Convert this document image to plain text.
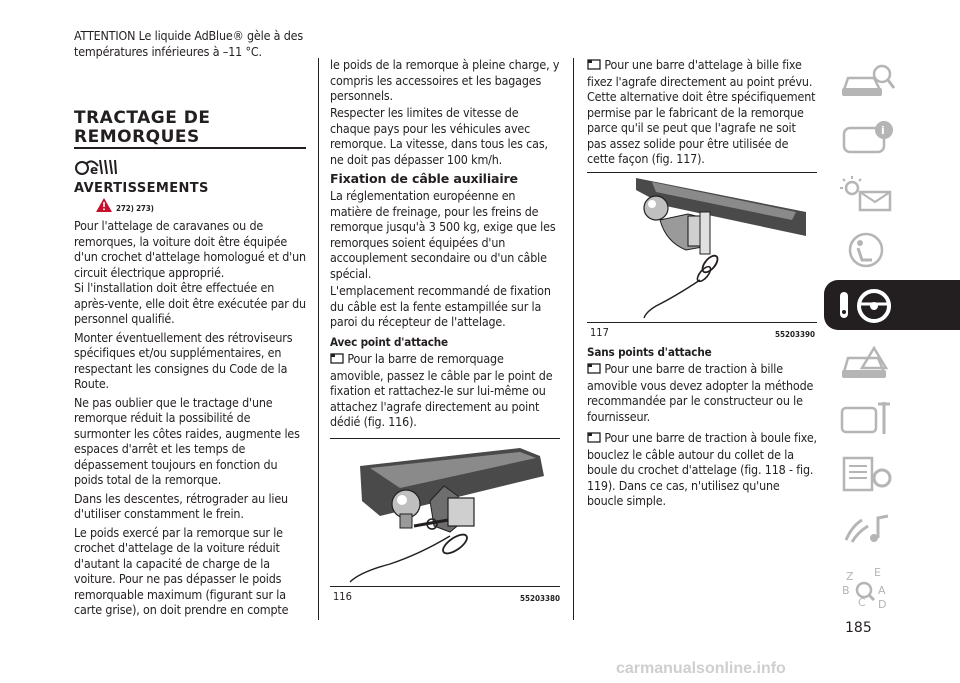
ATTENTION Le liquide AdBlue® gèle à des températures inférieures à –11 °C.

TRACTAGE DE REMORQUES
e
AVERTISSEMENTS
272) 273)

Pour l'attelage de caravanes ou de remorques, la voiture doit être équipée d'un crochet d'attelage homologué et d'un circuit électrique approprié.

Si l'installation doit être effectuée en après-vente, elle doit être exécutée par du personnel qualifié.

Monter éventuellement des rétroviseurs spécifiques et/ou supplémentaires, en respectant les consignes du Code de la Route.

Ne pas oublier que le tractage d'une remorque réduit la possibilité de surmonter les côtes raides, augmente les espaces d'arrêt et les temps de dépassement toujours en fonction du poids total de la remorque.

Dans les descentes, rétrograder au lieu d'utiliser constamment le frein.

Le poids exercé par la remorque sur le crochet d'attelage de la voiture réduit d'autant la capacité de charge de la voiture. Pour ne pas dépasser le poids remorquable maximum (figurant sur la carte grise), on doit prendre en compte

le poids de la remorque à pleine charge, y compris les accessoires et les bagages personnels.

Respecter les limites de vitesse de chaque pays pour les véhicules avec remorque. La vitesse, dans tous les cas, ne doit pas dépasser 100 km/h.

Fixation de câble auxiliaire

La réglementation européenne en matière de freinage, pour les freins de remorque jusqu'à 3 500 kg, exige que les remorques soient équipées d'un accouplement secondaire ou d'un câble spécial.

L'emplacement recommandé de fixation du câble est la fente estampillée sur la paroi du récepteur de l'attelage.

Avec point d'attache
Pour la barre de remorquage amovible, passez le câble par le point de fixation et rattachez-le sur lui-même ou attachez l'agrafe directement au point dédié (fig. 116).
116	55203380
Pour une barre d'attelage à bille fixe fixez l'agrafe directement au point prévu. Cette alternative doit être spécifiquement permise par le fabricant de la remorque parce qu'il se peut que l'agrafe ne soit pas assez solide pour être utilisée de cette façon (fig. 117).
117	55203390
Sans points d'attache
Pour une barre de traction à bille amovible vous devez adopter la méthode recommandée par le constructeur ou le fournisseur.
Pour une barre de traction à boule fixe, bouclez le câble autour du collet de la boule du crochet d'attelage (fig. 118 - fig. 119). Dans ce cas, n'utilisez qu'une boucle simple.
i
Z E
B
C
A
D
185
carmanualsonline.info
